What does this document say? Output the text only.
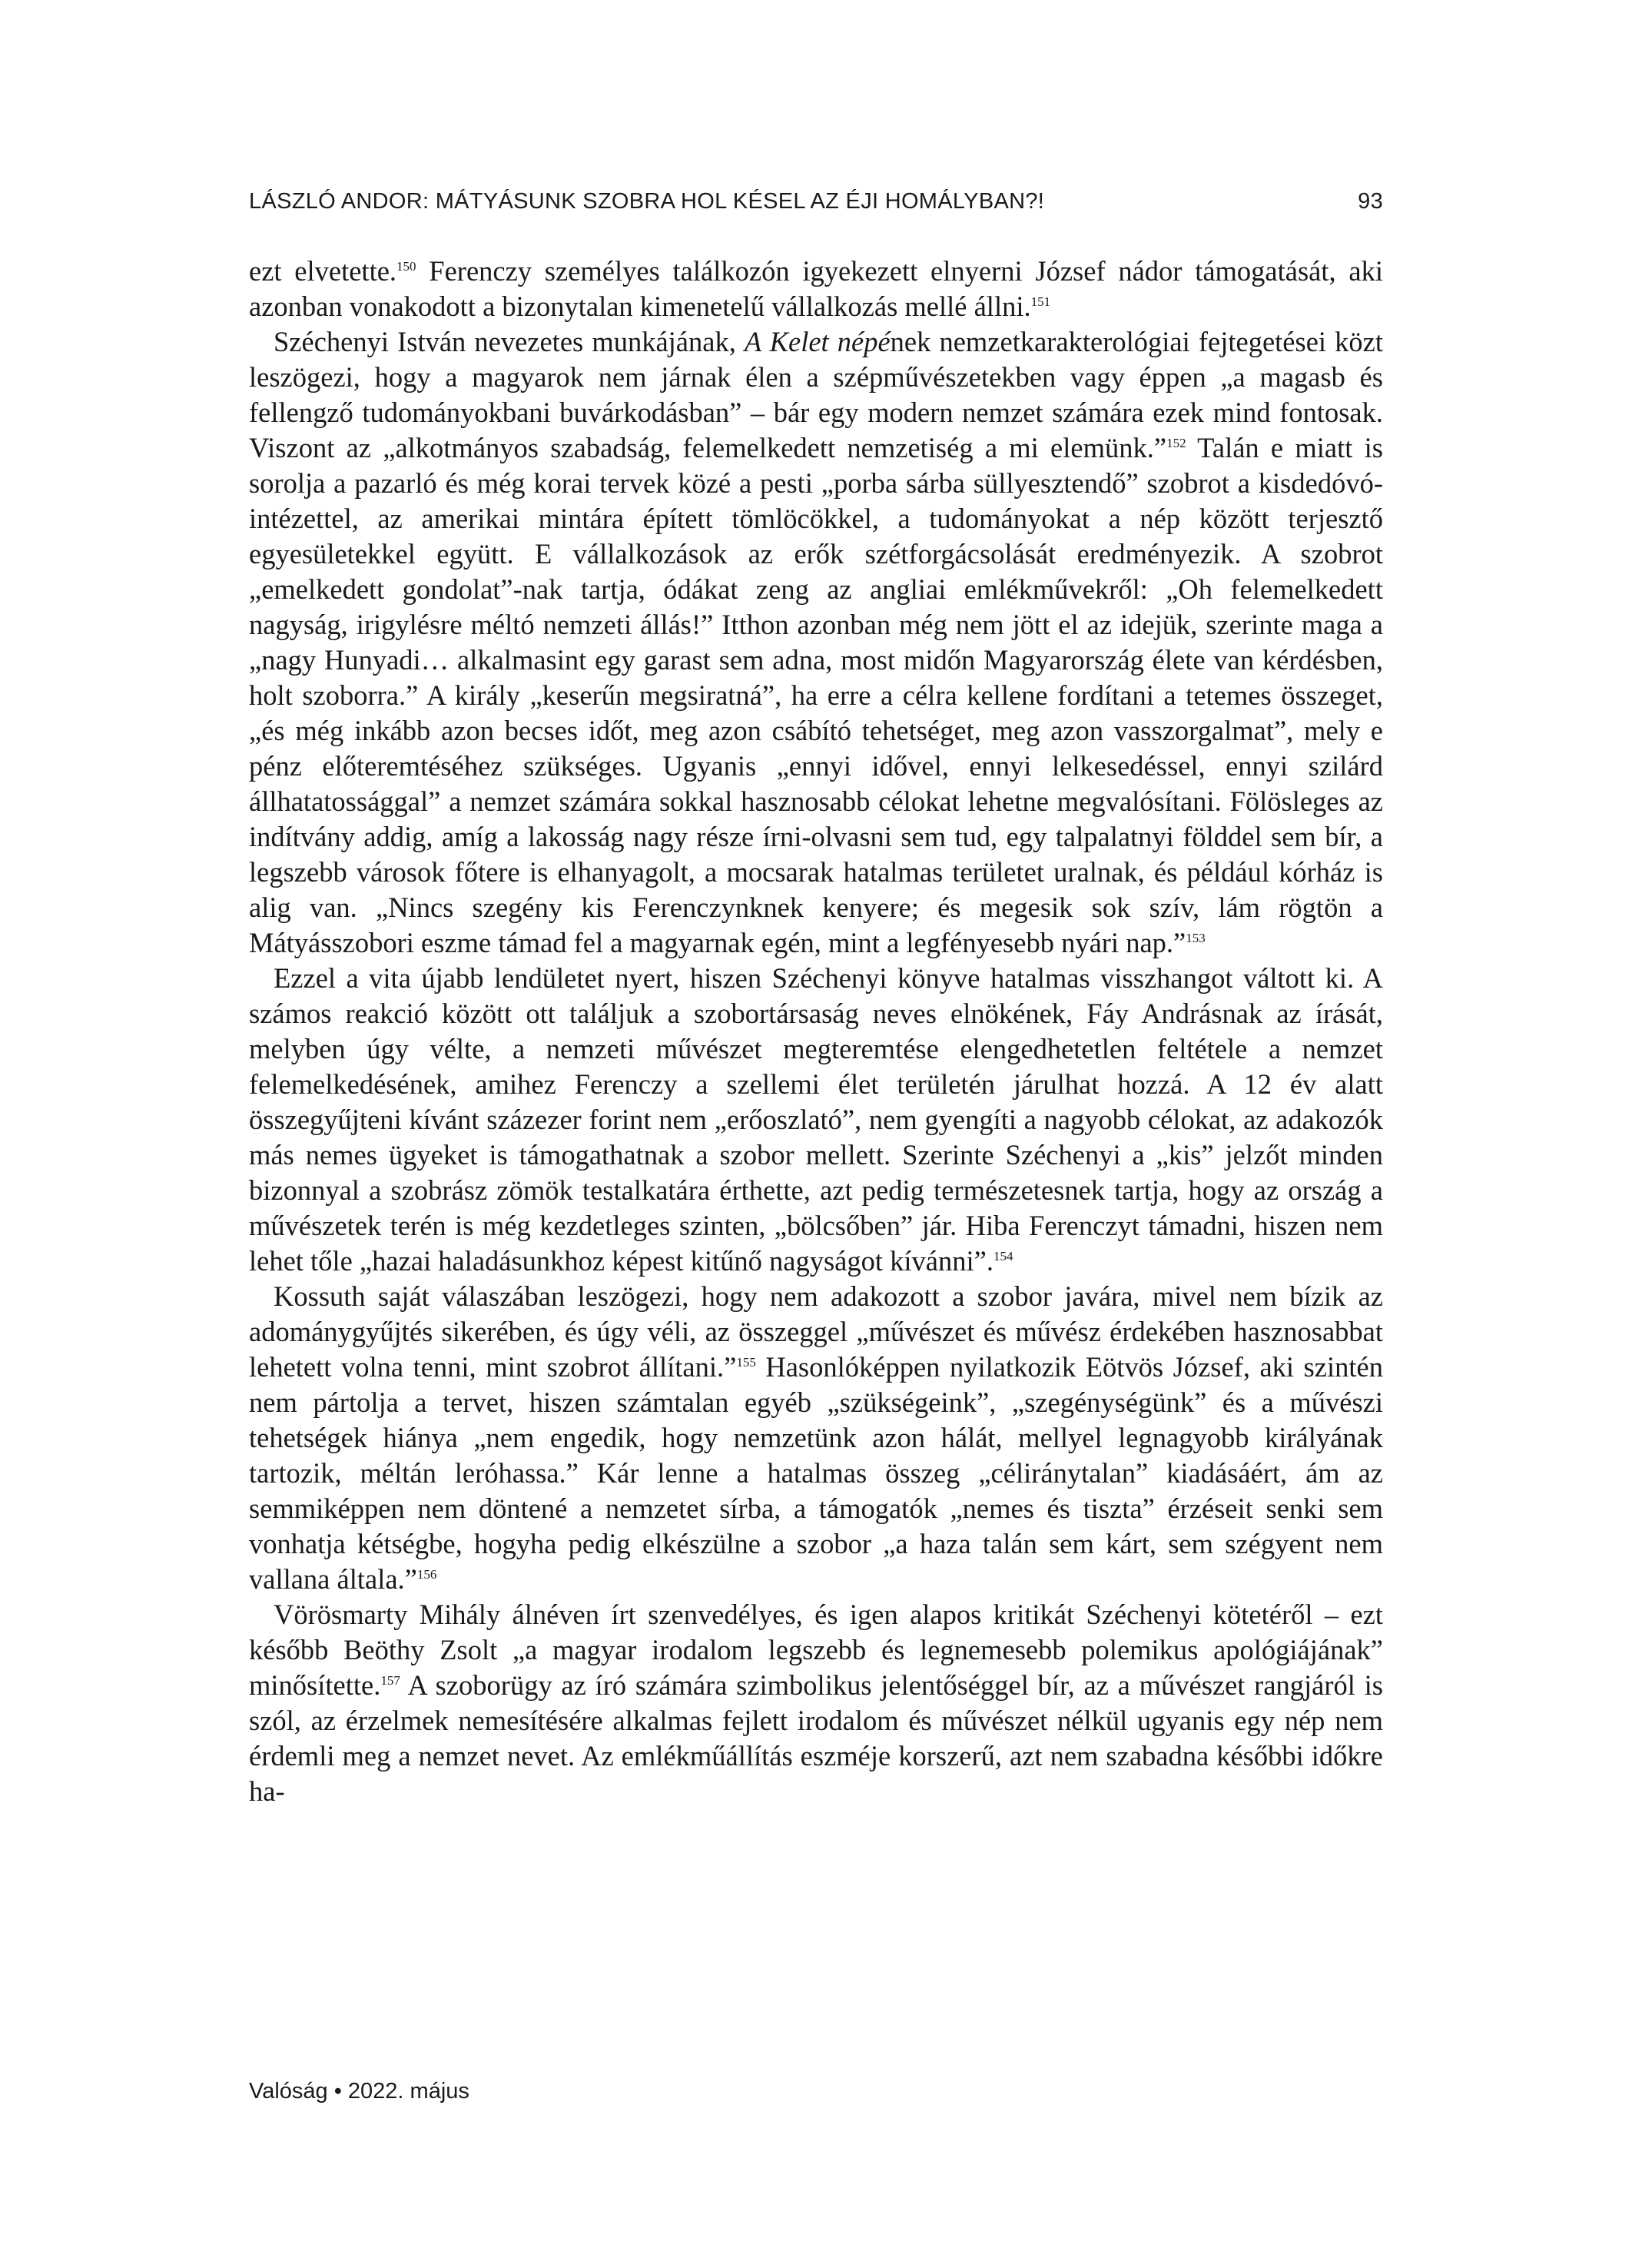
LÁSZLÓ ANDOR: MÁTYÁSUNK SZOBRA HOL KÉSEL AZ ÉJI HOMÁLYBAN?!	93

ezt elvetette.$^{150}$ Ferenczy személyes találkozón igyekezett elnyerni József nádor támogatását, aki azonban vonakodott a bizonytalan kimenetelű vállalkozás mellé állni.$^{151}$

Széchenyi István nevezetes munkájának, A Kelet népének nemzetkarakterológiai fejtegetései közt leszögezi, hogy a magyarok nem járnak élen a szépművészetekben vagy éppen „a magasb és fellengző tudományokbani buvárkodásban” – bár egy modern nemzet számára ezek mind fontosak. Viszont az „alkotmányos szabadság, felemelkedett nemzetiség a mi elemünk.”$^{152}$ Talán e miatt is sorolja a pazarló és még korai tervek közé a pesti „porba sárba süllyesztendő” szobrot a kisdedóvó-intézettel, az amerikai mintára épített tömlöcökkel, a tudományokat a nép között terjesztő egyesületekkel együtt. E vállalkozások az erők szétforgácsolását eredményezik. A szobrot „emelkedett gondolat”-nak tartja, ódákat zeng az angliai emlékművekről: „Oh felemelkedett nagyság, irigylésre méltó nemzeti állás!” Itthon azonban még nem jött el az idejük, szerinte maga a „nagy Hunyadi… alkalmasint egy garast sem adna, most midőn Magyarország élete van kérdésben, holt szoborra.” A király „keserűn megsiratná”, ha erre a célra kellene fordítani a tetemes összeget, „és még inkább azon becses időt, meg azon csábító tehetséget, meg azon vasszorgalmat”, mely e pénz előteremtéséhez szükséges. Ugyanis „ennyi idővel, ennyi lelkesedéssel, ennyi szilárd állhatatossággal” a nemzet számára sokkal hasznosabb célokat lehetne megvalósítani. Fölösleges az indítvány addig, amíg a lakosság nagy része írni-olvasni sem tud, egy talpalatnyi földdel sem bír, a legszebb városok főtere is elhanyagolt, a mocsarak hatalmas területet uralnak, és például kórház is alig van. „Nincs szegény kis Ferenczynknek kenyere; és megesik sok szív, lám rögtön a Mátyásszobori eszme támad fel a magyarnak egén, mint a legfényesebb nyári nap.”$^{153}$

Ezzel a vita újabb lendületet nyert, hiszen Széchenyi könyve hatalmas visszhangot váltott ki. A számos reakció között ott találjuk a szobortársaság neves elnökének, Fáy Andrásnak az írását, melyben úgy vélte, a nemzeti művészet megteremtése elengedhetetlen feltétele a nemzet felemelkedésének, amihez Ferenczy a szellemi élet területén járulhat hozzá. A 12 év alatt összegyűjteni kívánt százezer forint nem „erőoszlató”, nem gyengíti a nagyobb célokat, az adakozók más nemes ügyeket is támogathatnak a szobor mellett. Szerinte Széchenyi a „kis” jelzőt minden bizonnyal a szobrász zömök testalkatára érthette, azt pedig természetesnek tartja, hogy az ország a művészetek terén is még kezdetleges szinten, „bölcsőben” jár. Hiba Ferenczyt támadni, hiszen nem lehet tőle „hazai haladásunkhoz képest kitűnő nagyságot kívánni”.$^{154}$

Kossuth saját válaszában leszögezi, hogy nem adakozott a szobor javára, mivel nem bízik az adománygyűjtés sikerében, és úgy véli, az összeggel „művészet és művész érdekében hasznosabbat lehetett volna tenni, mint szobrot állítani.”$^{155}$ Hasonlóképpen nyilatkozik Eötvös József, aki szintén nem pártolja a tervet, hiszen számtalan egyéb „szükségeink”, „szegénységünk” és a művészi tehetségek hiánya „nem engedik, hogy nemzetünk azon hálát, mellyel legnagyobb királyának tartozik, méltán leróhassa.” Kár lenne a hatalmas összeg „céliránytalan” kiadásáért, ám az semmiképpen nem döntené a nemzetet sírba, a támogatók „nemes és tiszta” érzéseit senki sem vonhatja kétségbe, hogyha pedig elkészülne a szobor „a haza talán sem kárt, sem szégyent nem vallana általa.”$^{156}$

Vörösmarty Mihály álnéven írt szenvedélyes, és igen alapos kritikát Széchenyi kötetéről – ezt később Beöthy Zsolt „a magyar irodalom legszebb és legnemesebb polemikus apológiájának” minősítette.$^{157}$ A szoborügy az író számára szimbolikus jelentőséggel bír, az a művészet rangjáról is szól, az érzelmek nemesítésére alkalmas fejlett irodalom és művészet nélkül ugyanis egy nép nem érdemli meg a nemzet nevet. Az emlékműállítás eszméje korszerű, azt nem szabadna későbbi időkre ha-

Valóság • 2022. május
